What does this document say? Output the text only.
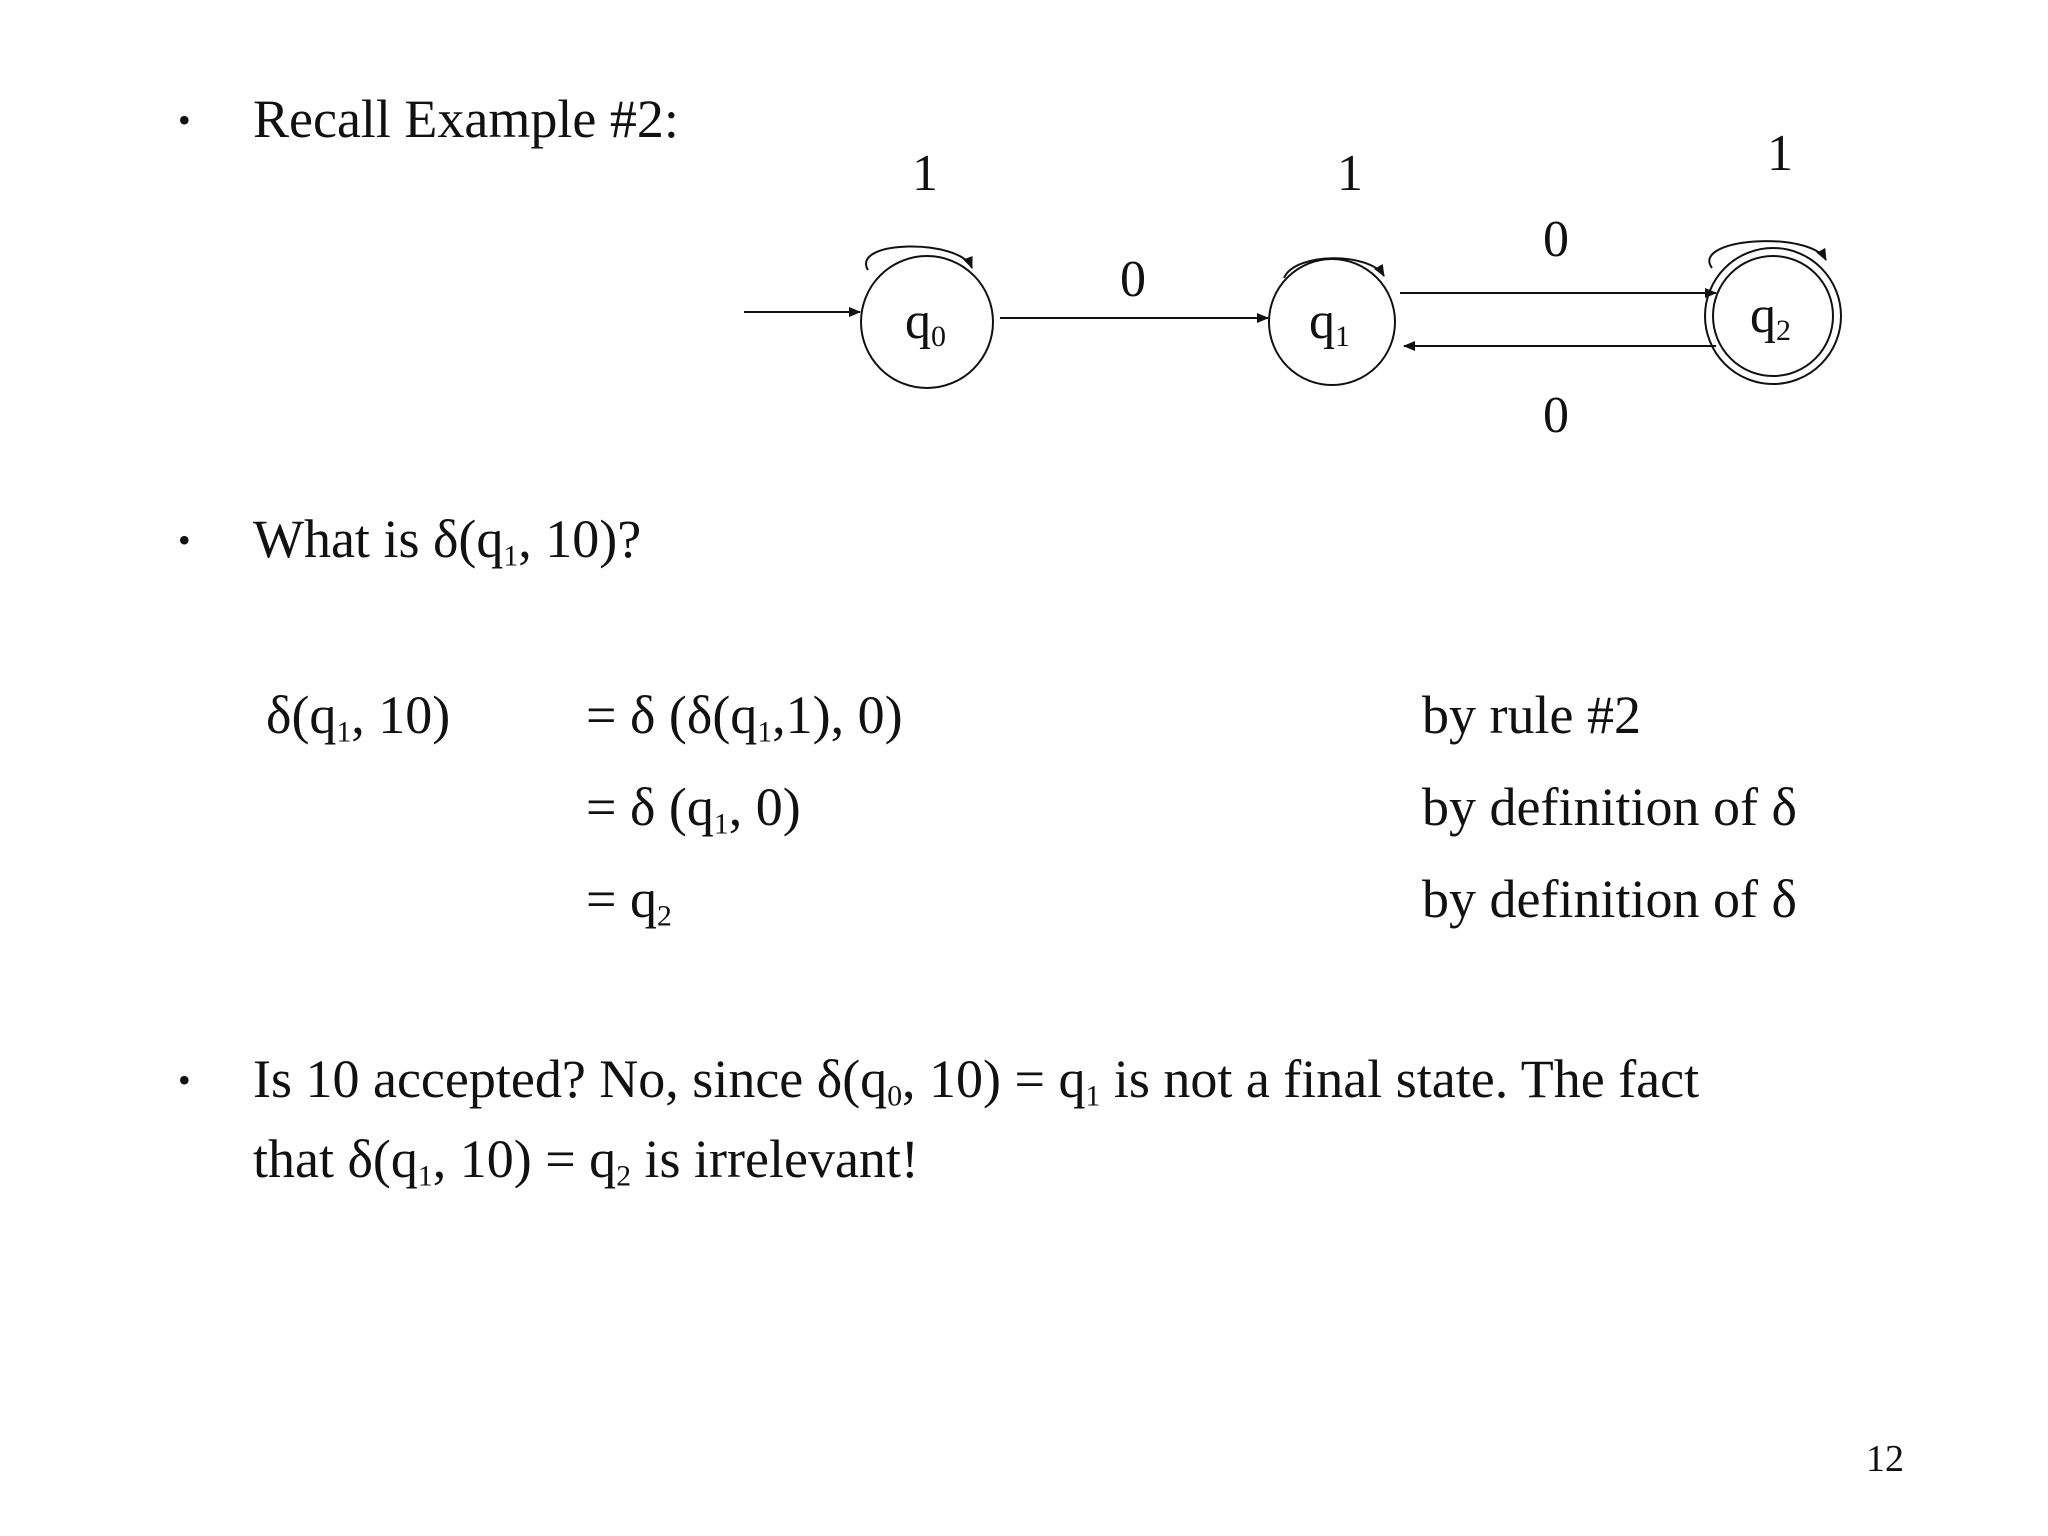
• Recall Example #2:
q0
1
0
q1
1
0
0
q2
1
• What is $\delta(q_1$, 10)?
$\delta(q_1$, 10)	= δ ($\delta(q_1,1)$, 0)	by rule #2
= δ ($q_1$, 0)	by definition of δ
= $q_2$	by definition of δ
• Is 10 accepted? No, since $\delta(q_0$, $10) = q_1$ is not a final state. The fact
that $\delta(q_1$, $10) = q_2$ is irrelevant!
12
